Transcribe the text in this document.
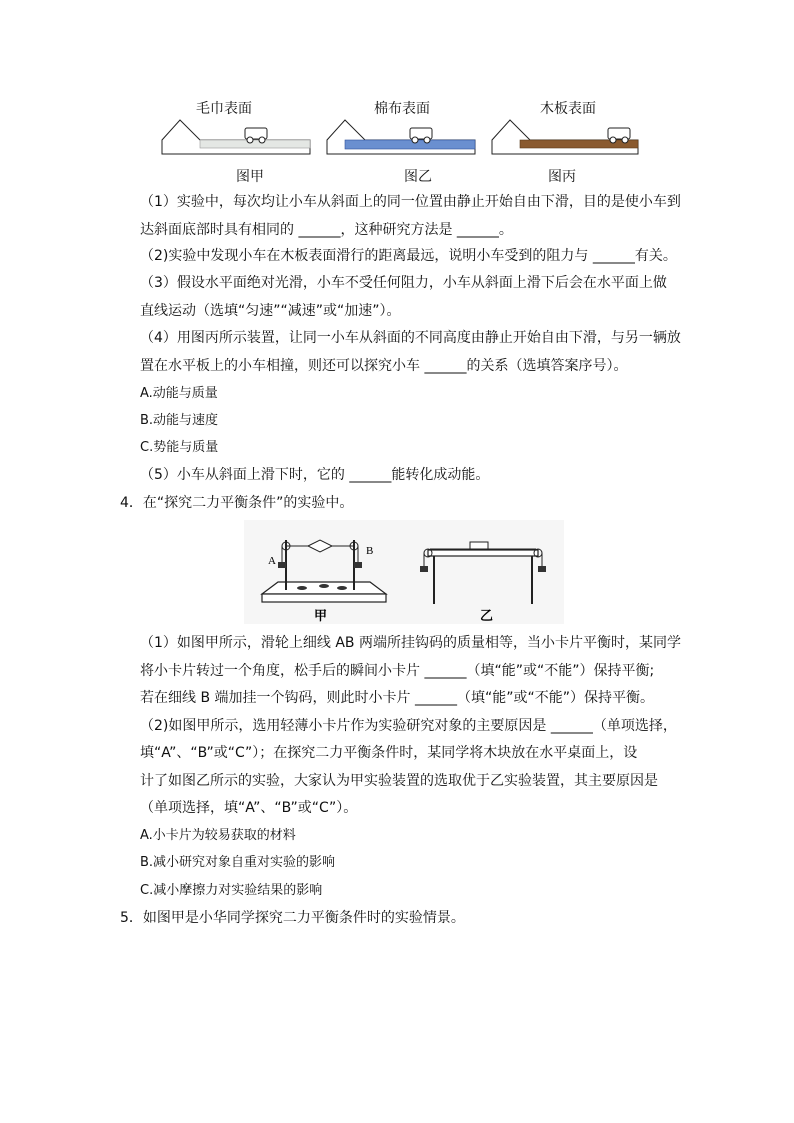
毛巾表面	棉布表面	木板表面
图甲	图乙	图丙
（1）实验中，每次均让小车从斜面上的同一位置由静止开始自由下滑，目的是使小车到
达斜面底部时具有相同的 ______，这种研究方法是 ______。
（2)实验中发现小车在木板表面滑行的距离最远，说明小车受到的阻力与 ______有关。
（3）假设水平面绝对光滑，小车不受任何阻力，小车从斜面上滑下后会在水平面上做
直线运动（选填“匀速”“减速”或“加速”）。
（4）用图丙所示装置，让同一小车从斜面的不同高度由静止开始自由下滑，与另一辆放
置在水平板上的小车相撞，则还可以探究小车 ______的关系（选填答案序号）。
A.动能与质量
B.动能与速度
C.势能与质量
（5）小车从斜面上滑下时，它的 ______能转化成动能。
4．在“探究二力平衡条件”的实验中。
A
B
甲	乙
（1）如图甲所示，滑轮上细线 AB 两端所挂钩码的质量相等，当小卡片平衡时，某同学
将小卡片转过一个角度，松手后的瞬间小卡片 ______（填“能”或“不能”）保持平衡;
若在细线 B 端加挂一个钩码，则此时小卡片 ______（填“能”或“不能”）保持平衡。
（2)如图甲所示，选用轻薄小卡片作为实验研究对象的主要原因是 ______（单项选择，
填“A”、“B”或“C”）；在探究二力平衡条件时，某同学将木块放在水平桌面上，设
计了如图乙所示的实验，大家认为甲实验装置的选取优于乙实验装置，其主要原因是
（单项选择，填“A”、“B”或“C”）。
A.小卡片为较易获取的材料
B.减小研究对象自重对实验的影响
C.减小摩擦力对实验结果的影响
5．如图甲是小华同学探究二力平衡条件时的实验情景。
